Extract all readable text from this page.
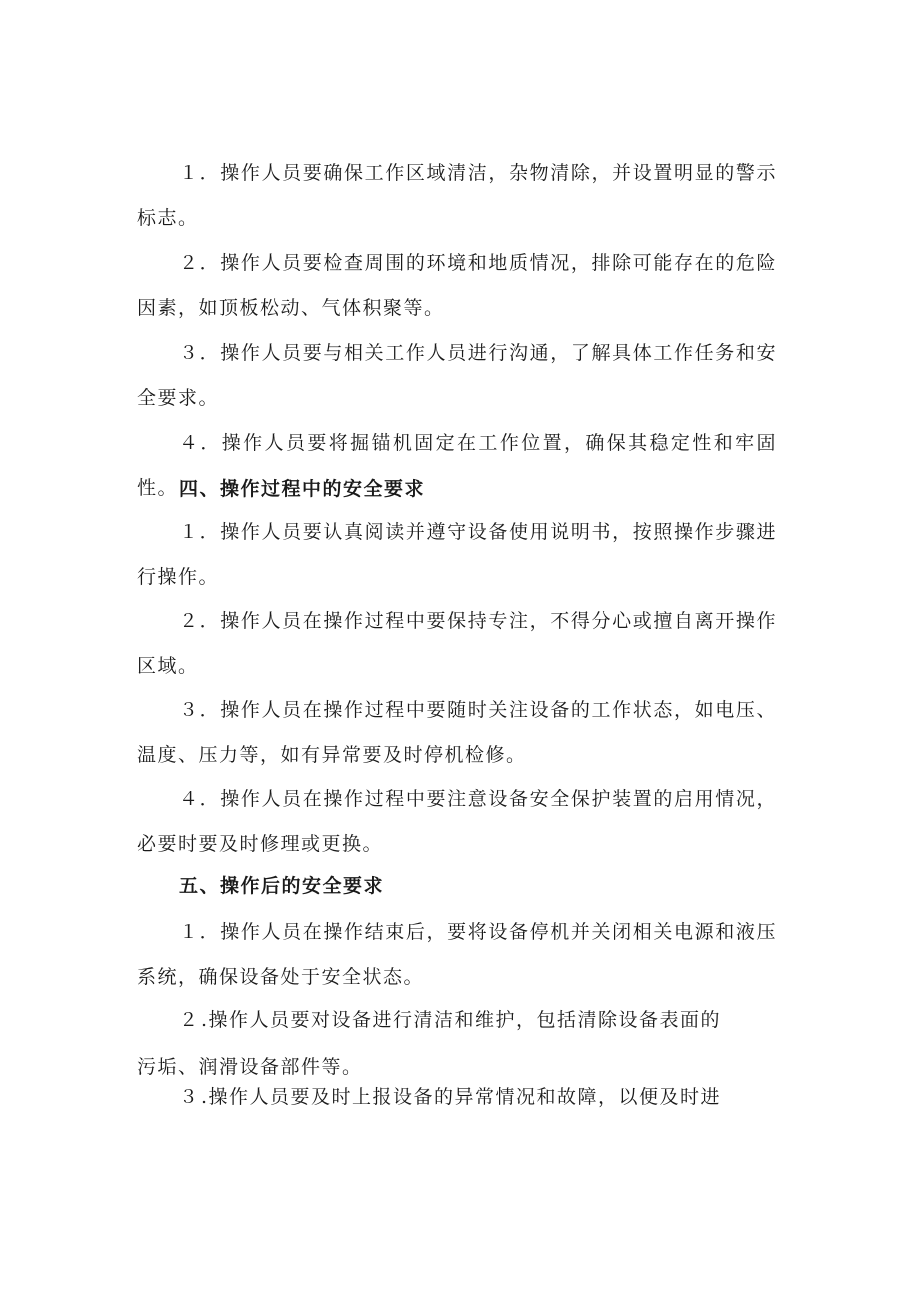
１．操作人员要确保工作区域清洁，杂物清除，并设置明显的警示标志。

２．操作人员要检查周围的环境和地质情况，排除可能存在的危险因素，如顶板松动、气体积聚等。

３．操作人员要与相关工作人员进行沟通，了解具体工作任务和安全要求。

４．操作人员要将掘锚机固定在工作位置，确保其稳定性和牢固性。 四、操作过程中的安全要求

１．操作人员要认真阅读并遵守设备使用说明书，按照操作步骤进行操作。

２．操作人员在操作过程中要保持专注，不得分心或擅自离开操作区域。

３．操作人员在操作过程中要随时关注设备的工作状态，如电压、温度、压力等，如有异常要及时停机检修。

４．操作人员在操作过程中要注意设备安全保护装置的启用情况，必要时要及时修理或更换。

五、操作后的安全要求

１．操作人员在操作结束后，要将设备停机并关闭相关电源和液压系统，确保设备处于安全状态。

２.操作人员要对设备进行清洁和维护，包括清除设备表面的

污垢、润滑设备部件等。

３.操作人员要及时上报设备的异常情况和故障，以便及时进
